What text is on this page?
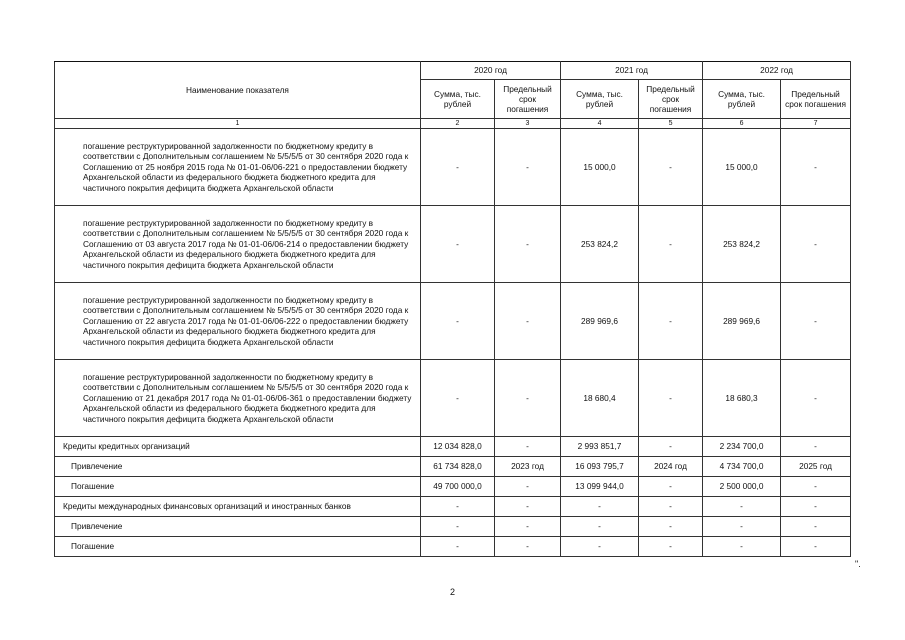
Наименование показателя	2020 год		2021 год		2022 год	
	Сумма, тыс. рублей	Предельный срок погашения	Сумма, тыс. рублей	Предельный срок погашения	Сумма, тыс. рублей	Предельный срок погашения
1	2	3	4	5	6	7
погашение реструктурированной задолженности по бюджетному кредиту в соответствии с Дополнительным соглашением № 5/5/5/5 от 30 сентября 2020 года к Соглашению от 25 ноября 2015 года № 01-01-06/06-221 о предоставлении бюджету Архангельской области из федерального бюджета бюджетного кредита для частичного покрытия дефицита бюджета Архангельской области	-	-	15 000,0	-	15 000,0	-
погашение реструктурированной задолженности по бюджетному кредиту в соответствии с Дополнительным соглашением № 5/5/5/5 от 30 сентября 2020 года к Соглашению от 03 августа 2017 года № 01-01-06/06-214 о предоставлении бюджету Архангельской области из федерального бюджета бюджетного кредита для частичного покрытия дефицита бюджета Архангельской области	-	-	253 824,2	-	253 824,2	-
погашение реструктурированной задолженности по бюджетному кредиту в соответствии с Дополнительным соглашением № 5/5/5/5 от 30 сентября 2020 года к Соглашению от 22 августа 2017 года № 01-01-06/06-222 о предоставлении бюджету Архангельской области из федерального бюджета бюджетного кредита для частичного покрытия дефицита бюджета Архангельской области	-	-	289 969,6	-	289 969,6	-
погашение реструктурированной задолженности по бюджетному кредиту в соответствии с Дополнительным соглашением № 5/5/5/5 от 30 сентября 2020 года к Соглашению от 21 декабря 2017 года № 01-01-06/06-361 о предоставлении бюджету Архангельской области из федерального бюджета бюджетного кредита для частичного покрытия дефицита бюджета Архангельской области	-	-	18 680,4	-	18 680,3	-
Кредиты кредитных организаций	12 034 828,0	-	2 993 851,7	-	2 234 700,0	-
Привлечение	61 734 828,0	2023 год	16 093 795,7	2024 год	4 734 700,0	2025 год
Погашение	49 700 000,0	-	13 099 944,0	-	2 500 000,0	-
Кредиты международных финансовых организаций и иностранных банков	-	-	-	-	-	-
Привлечение	-	-	-	-	-	-
Погашение	-	-	-	-	-	-
".
2
